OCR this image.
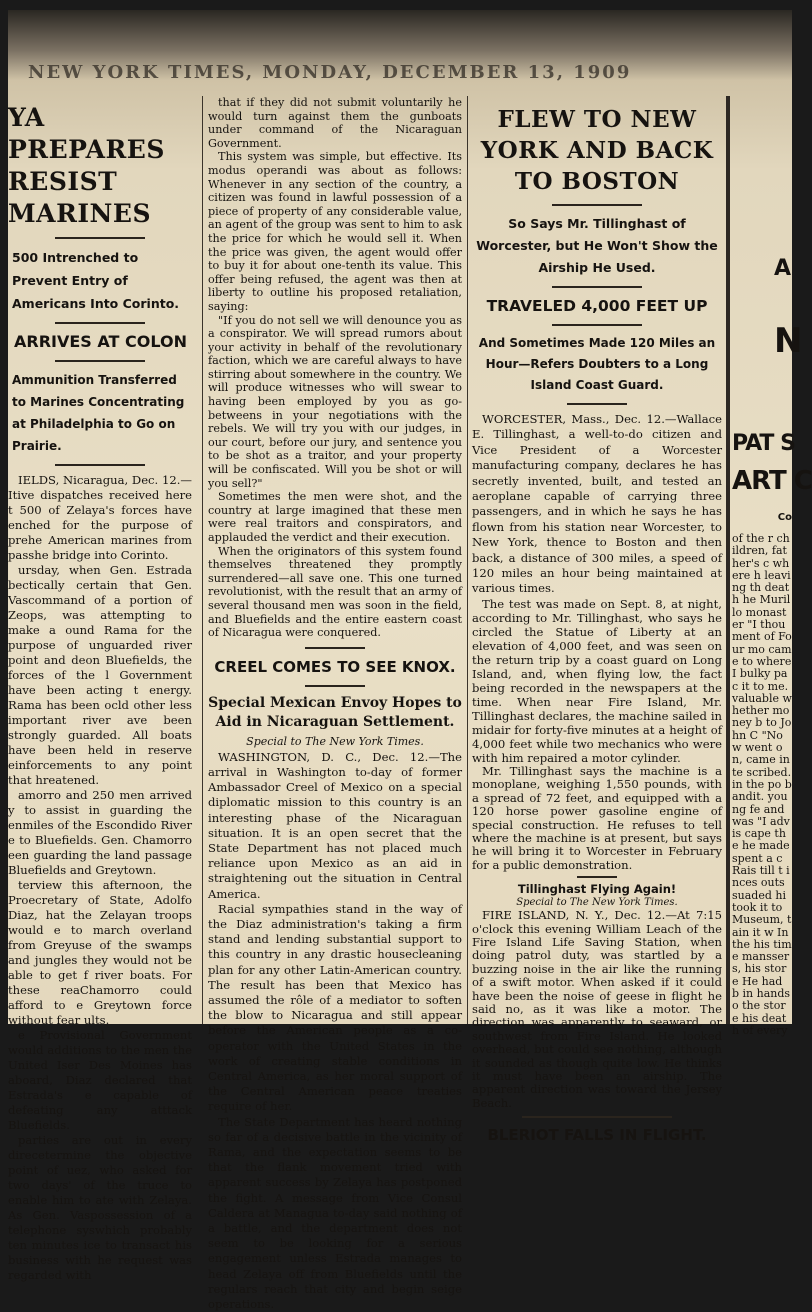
NEW YORK TIMES, MONDAY, DECEMBER 13, 1909
YA PREPARES RESIST MARINES
500 Intrenched to Prevent Entry of Americans Into Corinto.
ARRIVES AT COLON
Ammunition Transferred to Marines Concentrating at Philadelphia to Go on Prairie.

IELDS, Nicaragua, Dec. 12.—Itive dispatches received here t 500 of Zelaya's forces have enched for the purpose of prehe American marines from passhe bridge into Corinto.

ursday, when Gen. Estrada bectically certain that Gen. Vascommand of a portion of Zeops, was attempting to make a ound Rama for the purpose of unguarded river point and deon Bluefields, the forces of the l Government have been acting t energy. Rama has been ocld other less important river ave been strongly guarded. All boats have been held in reserve einforcements to any point that hreatened.

amorro and 250 men arrived y to assist in guarding the enmiles of the Escondido River e to Bluefields. Gen. Chamorro een guarding the land passage Bluefields and Greytown.

terview this afternoon, the Proecretary of State, Adolfo Diaz, hat the Zelayan troops would e to march overland from Greyuse of the swamps and jungles they would not be able to get f river boats. For these reaChamorro could afford to e Greytown force without fear ults.

e Provisional Government would additions to the men the United Iser Des Moines has aboard, Diaz declared that Estrada's e capable of defeating any atttack Bluefields.

parties are out in every direcetermine the objective point of uez, who asked for two days' of the truce to enable him to ate with Zelaya. As Gen. Vaspossession of a telephone syswhich probably ten minutes ice to transact his business with he request was regarded with

that if they did not submit voluntarily he would turn against them the gunboats under command of the Nicaraguan Government.

This system was simple, but effective. Its modus operandi was about as follows: Whenever in any section of the country, a citizen was found in lawful possession of a piece of property of any considerable value, an agent of the group was sent to him to ask the price for which he would sell it. When the price was given, the agent would offer to buy it for about one-tenth its value. This offer being refused, the agent was then at liberty to outline his proposed retaliation, saying:

"If you do not sell we will denounce you as a conspirator. We will spread rumors about your activity in behalf of the revolutionary faction, which we are careful always to have stirring about somewhere in the country. We will produce witnesses who will swear to having been employed by you as go-betweens in your negotiations with the rebels. We will try you with our judges, in our court, before our jury, and sentence you to be shot as a traitor, and your property will be confiscated. Will you be shot or will you sell?"

Sometimes the men were shot, and the country at large imagined that these men were real traitors and conspirators, and applauded the verdict and their execution.

When the originators of this system found themselves threatened they promptly surrendered—all save one. This one turned revolutionist, with the result that an army of several thousand men was soon in the field, and Bluefields and the entire eastern coast of Nicaragua were conquered.

CREEL COMES TO SEE KNOX.
Special Mexican Envoy Hopes to Aid in Nicaraguan Settlement.
Special to The New York Times.

WASHINGTON, D. C., Dec. 12.—The arrival in Washington to-day of former Ambassador Creel of Mexico on a special diplomatic mission to this country is an interesting phase of the Nicaraguan situation. It is an open secret that the State Department has not placed much reliance upon Mexico as an aid in straightening out the situation in Central America.

Racial sympathies stand in the way of the Diaz administration's taking a firm stand and lending substantial support to this country in any drastic housecleaning plan for any other Latin-American country. The result has been that Mexico has assumed the rôle of a mediator to soften the blow to Nicaragua and still appear before the American people as a co-operator with the United States in the work of creating stable conditions in Central America, as her moral support of the Central American peace treaties require of her.

The State Department has heard nothing so far of a decisive battle in the vicinity of Rama, and the expectation seems to be that the flank movement tried with apparent success by Zelaya has postponed the fight. A message from Vice Consul Caldera at Managua to-day said nothing of a battle, and the department does not seem to be looking for a serious engagement unless Estrada manages to head Zelaya off from Bluefields until the regulars reach that city and begin seige operations.

FLEW TO NEW YORK AND BACK TO BOSTON
So Says Mr. Tillinghast of Worcester, but He Won't Show the Airship He Used.
TRAVELED 4,000 FEET UP
And Sometimes Made 120 Miles an Hour—Refers Doubters to a Long Island Coast Guard.

WORCESTER, Mass., Dec. 12.—Wallace E. Tillinghast, a well-to-do citizen and Vice President of a Worcester manufacturing company, declares he has secretly invented, built, and tested an aeroplane capable of carrying three passengers, and in which he says he has flown from his station near Worcester, to New York, thence to Boston and then back, a distance of 300 miles, a speed of 120 miles an hour being maintained at various times.

The test was made on Sept. 8, at night, according to Mr. Tillinghast, who says he circled the Statue of Liberty at an elevation of 4,000 feet, and was seen on the return trip by a coast guard on Long Island, and, when flying low, the fact being recorded in the newspapers at the time. When near Fire Island, Mr. Tillinghast declares, the machine sailed in midair for forty-five minutes at a height of 4,000 feet while two mechanics who were with him repaired a motor cylinder.

Mr. Tillinghast says the machine is a monoplane, weighing 1,550 pounds, with a spread of 72 feet, and equipped with a 120 horse power gasoline engine of special construction. He refuses to tell where the machine is at present, but says he will bring it to Worcester in February for a public demonstration.

Tillinghast Flying Again!
Special to The New York Times.

FIRE ISLAND, N. Y., Dec. 12.—At 7:15 o'clock this evening William Leach of the Fire Island Life Saving Station, when doing patrol duty, was startled by a buzzing noise in the air like the running of a swift motor. When asked if it could have been the noise of geese in flight he said no, as it was like a motor. The direction was apparently to seaward, or southwest from Fire Island. He looked overhead, but could see nothing, although it sounded as though quite low. He thinks it must have been an airship. The apparent direction was toward the Jersey Beach.

BLERIOT FALLS IN FLIGHT.
A
N
PAT S
ART C
Co
of the r children, father's c where h leaving th death he Murillo monaster "I thou ment of Four mo came to where I bulky pac it to me. valuable whether money b to John C "Now went on, came inte scribed. in the po bandit. young fe and was "I advis cape the he made spent a c Rais till t inces outs suaded hi took it to Museum, tain it w In the his time manssers, his store He had b in handso the store his death of every
